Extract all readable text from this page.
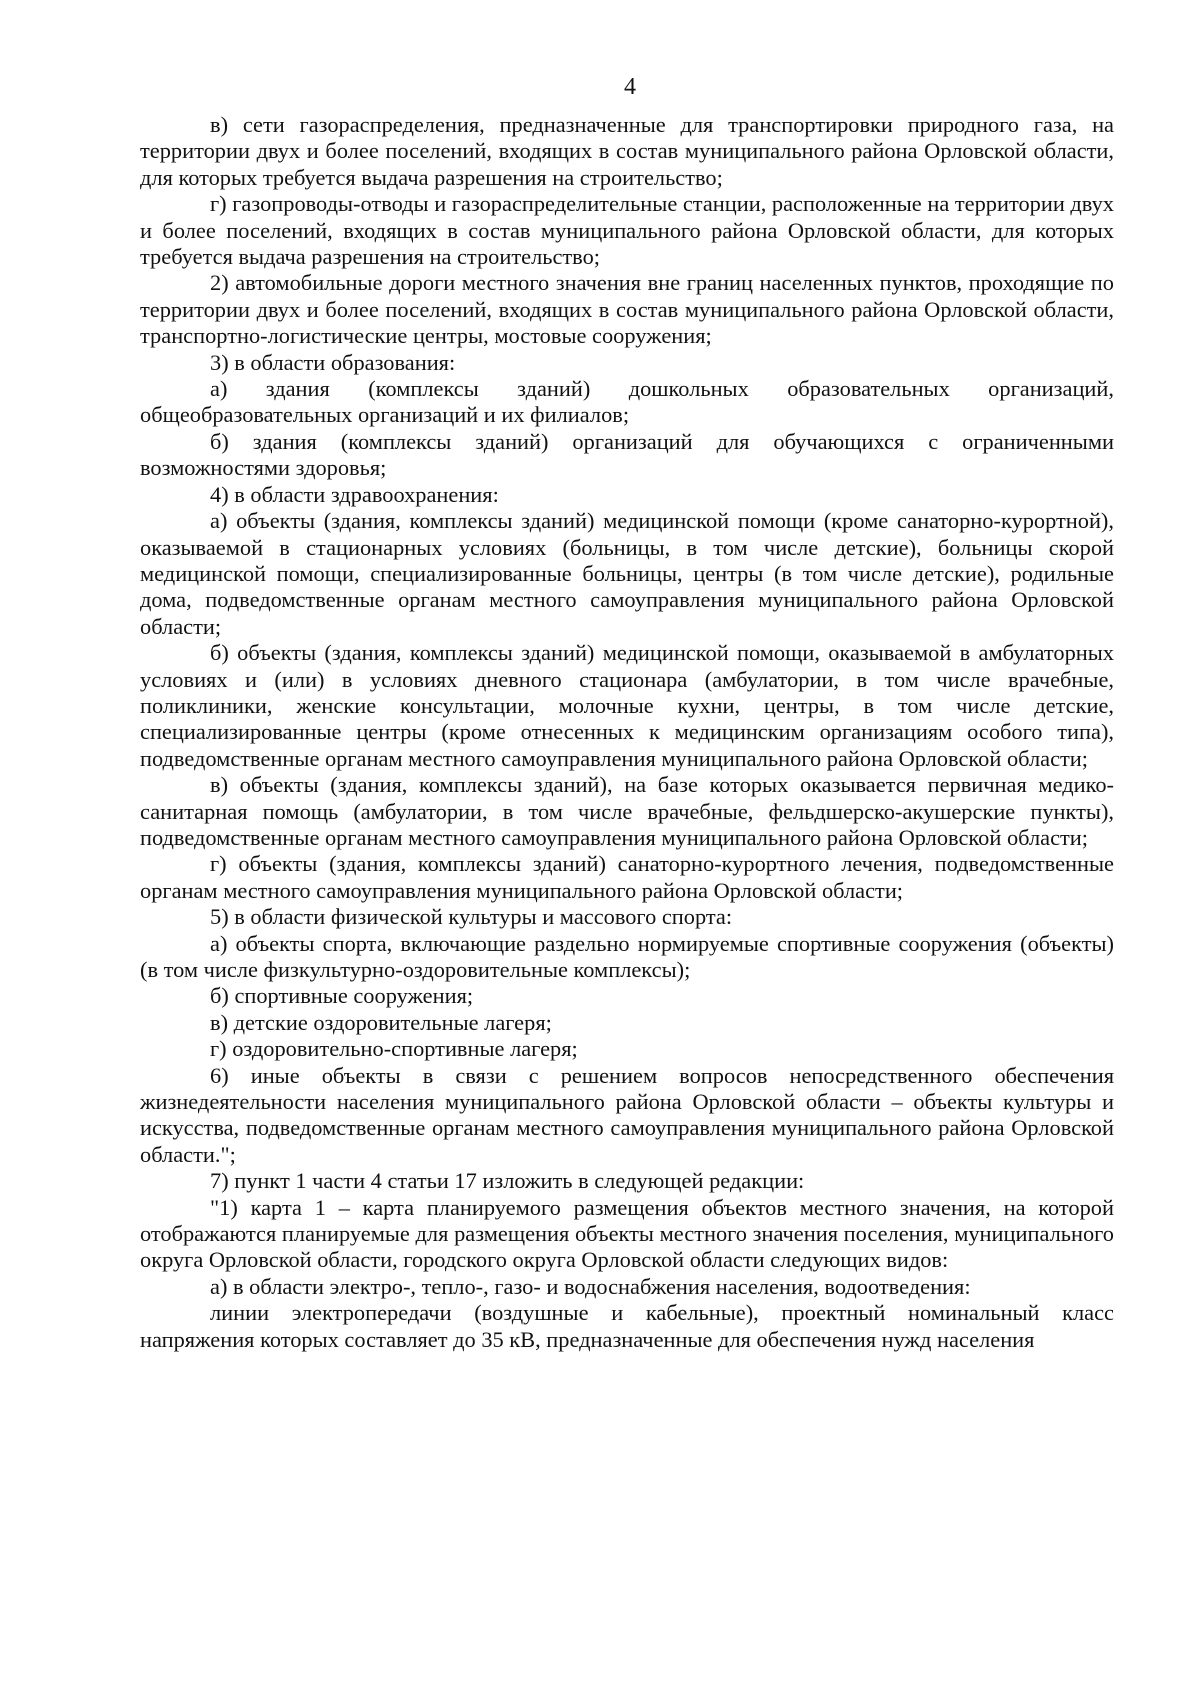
4

в) сети газораспределения, предназначенные для транспортировки природного газа, на территории двух и более поселений, входящих в состав муниципального района Орловской области, для которых требуется выдача разрешения на строительство;

г) газопроводы-отводы и газораспределительные станции, расположенные на территории двух и более поселений, входящих в состав муниципального района Орловской области, для которых требуется выдача разрешения на строительство;

2) автомобильные дороги местного значения вне границ населенных пунктов, проходящие по территории двух и более поселений, входящих в состав муниципального района Орловской области, транспортно-логистические центры, мостовые сооружения;

3) в области образования:

а) здания (комплексы зданий) дошкольных образовательных организаций, общеобразовательных организаций и их филиалов;

б) здания (комплексы зданий) организаций для обучающихся с ограниченными возможностями здоровья;

4) в области здравоохранения:

а) объекты (здания, комплексы зданий) медицинской помощи (кроме санаторно-курортной), оказываемой в стационарных условиях (больницы, в том числе детские), больницы скорой медицинской помощи, специализированные больницы, центры (в том числе детские), родильные дома, подведомственные органам местного самоуправления муниципального района Орловской области;

б) объекты (здания, комплексы зданий) медицинской помощи, оказываемой в амбулаторных условиях и (или) в условиях дневного стационара (амбулатории, в том числе врачебные, поликлиники, женские консультации, молочные кухни, центры, в том числе детские, специализированные центры (кроме отнесенных к медицинским организациям особого типа), подведомственные органам местного самоуправления муниципального района Орловской области;

в) объекты (здания, комплексы зданий), на базе которых оказывается первичная медико-санитарная помощь (амбулатории, в том числе врачебные, фельдшерско-акушерские пункты), подведомственные органам местного самоуправления муниципального района Орловской области;

г) объекты (здания, комплексы зданий) санаторно-курортного лечения, подведомственные органам местного самоуправления муниципального района Орловской области;

5) в области физической культуры и массового спорта:

а) объекты спорта, включающие раздельно нормируемые спортивные сооружения (объекты) (в том числе физкультурно-оздоровительные комплексы);

б) спортивные сооружения;

в) детские оздоровительные лагеря;

г) оздоровительно-спортивные лагеря;

6) иные объекты в связи с решением вопросов непосредственного обеспечения жизнедеятельности населения муниципального района Орловской области – объекты культуры и искусства, подведомственные органам местного самоуправления муниципального района Орловской области.";

7) пункт 1 части 4 статьи 17 изложить в следующей редакции:

"1) карта 1 – карта планируемого размещения объектов местного значения, на которой отображаются планируемые для размещения объекты местного значения поселения, муниципального округа Орловской области, городского округа Орловской области следующих видов:

а) в области электро-, тепло-, газо- и водоснабжения населения, водоотведения:

линии электропередачи (воздушные и кабельные), проектный номинальный класс напряжения которых составляет до 35 кВ, предназначенные для обеспечения нужд населения
